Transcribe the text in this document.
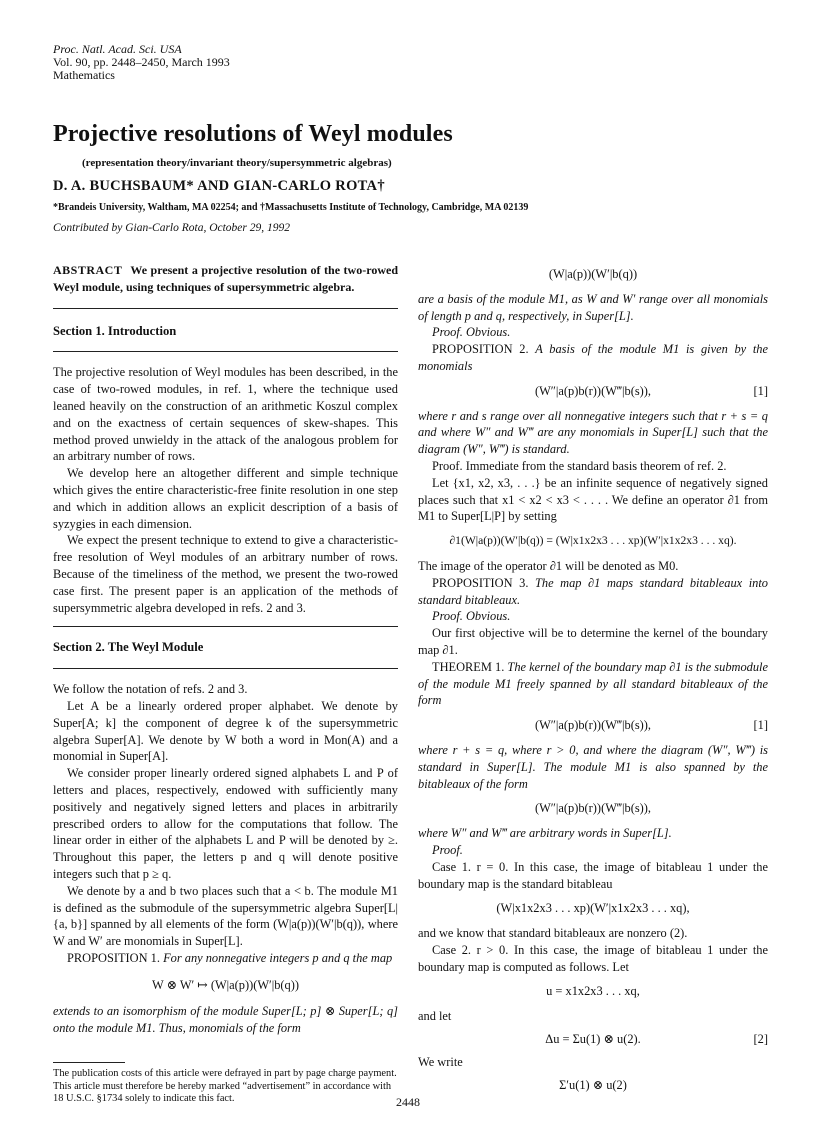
Proc. Natl. Acad. Sci. USA
Vol. 90, pp. 2448–2450, March 1993
Mathematics
Projective resolutions of Weyl modules
(representation theory/invariant theory/supersymmetric algebras)
D. A. BUCHSBAUM* AND GIAN-CARLO ROTA†
*Brandeis University, Waltham, MA 02254; and †Massachusetts Institute of Technology, Cambridge, MA 02139
Contributed by Gian-Carlo Rota, October 29, 1992

ABSTRACT We present a projective resolution of the two-rowed Weyl module, using techniques of supersymmetric algebra.

Section 1. Introduction

The projective resolution of Weyl modules has been described, in the case of two-rowed modules, in ref. 1, where the technique used leaned heavily on the construction of an arithmetic Koszul complex and on the exactness of certain sequences of skew-shapes. This method proved unwieldy in the attack of the analogous problem for an arbitrary number of rows.

We develop here an altogether different and simple technique which gives the entire characteristic-free finite resolution in one step and which in addition allows an explicit description of a basis of syzygies in each dimension.

We expect the present technique to extend to give a characteristic-free resolution of Weyl modules of an arbitrary number of rows. Because of the timeliness of the method, we present the two-rowed case first. The present paper is an application of the methods of supersymmetric algebra developed in refs. 2 and 3.

Section 2. The Weyl Module

We follow the notation of refs. 2 and 3.

Let A be a linearly ordered proper alphabet. We denote by Super[A; k] the component of degree k of the supersymmetric algebra Super[A]. We denote by W both a word in Mon(A) and a monomial in Super[A].

We consider proper linearly ordered signed alphabets L and P of letters and places, respectively, endowed with sufficiently many positively and negatively signed letters and places in arbitrarily prescribed orders to allow for the computations that follow. The linear order in either of the alphabets L and P will be denoted by ≥. Throughout this paper, the letters p and q will denote positive integers such that p ≥ q.

We denote by a and b two places such that a < b. The module M1 is defined as the submodule of the supersymmetric algebra Super[L|{a, b}] spanned by all elements of the form (W|a(p))(W′|b(q)), where W and W′ are monomials in Super[L].

PROPOSITION 1. For any nonnegative integers p and q the map

W ⊗ W′ ↦ (W|a(p))(W′|b(q))

extends to an isomorphism of the module Super[L; p] ⊗ Super[L; q] onto the module M1. Thus, monomials of the form

(W|a(p))(W′|b(q))

are a basis of the module M1, as W and W′ range over all monomials of length p and q, respectively, in Super[L].

Proof. Obvious.

PROPOSITION 2. A basis of the module M1 is given by the monomials

(W″|a(p)b(r))(W‴|b(s)),	[1]

where r and s range over all nonnegative integers such that r + s = q and where W″ and W‴ are any monomials in Super[L] such that the diagram (W″, W‴) is standard.

Proof. Immediate from the standard basis theorem of ref. 2.

Let {x1, x2, x3, . . .} be an infinite sequence of negatively signed places such that x1 < x2 < x3 < . . . . We define an operator ∂1 from M1 to Super[L|P] by setting

∂1(W|a(p))(W′|b(q)) = (W|x1x2x3 . . . xp)(W′|x1x2x3 . . . xq).

The image of the operator ∂1 will be denoted as M0.

PROPOSITION 3. The map ∂1 maps standard bitableaux into standard bitableaux.

Proof. Obvious.

Our first objective will be to determine the kernel of the boundary map ∂1.

THEOREM 1. The kernel of the boundary map ∂1 is the submodule of the module M1 freely spanned by all standard bitableaux of the form

(W″|a(p)b(r))(W‴|b(s)),	[1]

where r + s = q, where r > 0, and where the diagram (W″, W‴) is standard in Super[L]. The module M1 is also spanned by the bitableaux of the form

(W″|a(p)b(r))(W‴|b(s)),

where W″ and W‴ are arbitrary words in Super[L].

Proof.

Case 1. r = 0. In this case, the image of bitableau 1 under the boundary map is the standard bitableau

(W|x1x2x3 . . . xp)(W′|x1x2x3 . . . xq),

and we know that standard bitableaux are nonzero (2).

Case 2. r > 0. In this case, the image of bitableau 1 under the boundary map is computed as follows. Let

u = x1x2x3 . . . xq,

and let

Δu = Σu(1) ⊗ u(2).	[2]

We write

Σ′u(1) ⊗ u(2)

The publication costs of this article were defrayed in part by page charge payment. This article must therefore be hereby marked “advertisement” in accordance with 18 U.S.C. §1734 solely to indicate this fact.	2448
